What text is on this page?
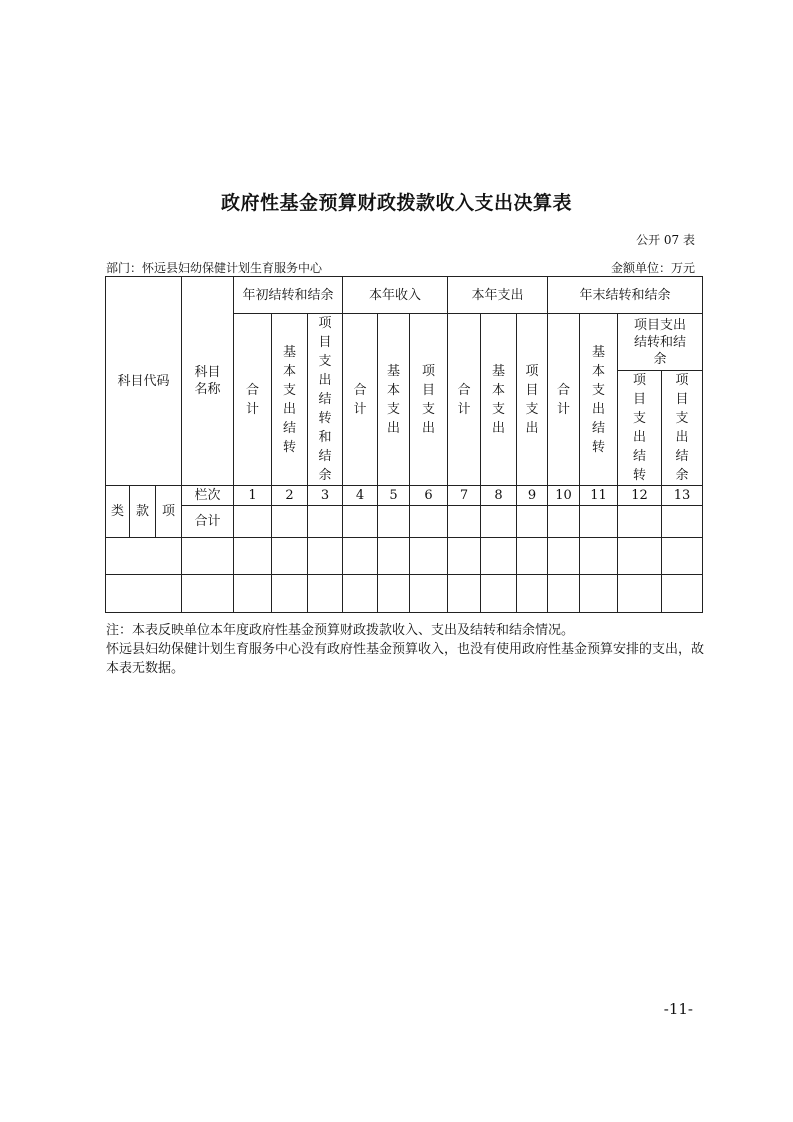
政府性基金预算财政拨款收入支出决算表
公开 07 表
部门：怀远县妇幼保健计划生育服务中心	金额单位：万元
科目代码			科目名称	年初结转和结余			本年收入			本年支出			年末结转和结余			

				合计	基本支出结转	项目支出结转和结余	合计	基本支出	项目支出	合计	基本支出	项目支出	合计	基本支出结转	项目支出结转和结余	

															项目支出结转	项目支出结余

类	款	项	栏次	1	2	3	4	5	6	7	8	9	10	11	12	13
			合计													

注：本表反映单位本年度政府性基金预算财政拨款收入、支出及结转和结余情况。

怀远县妇幼保健计划生育服务中心没有政府性基金预算收入，也没有使用政府性基金预算安排的支出，故本表无数据。

-11-
